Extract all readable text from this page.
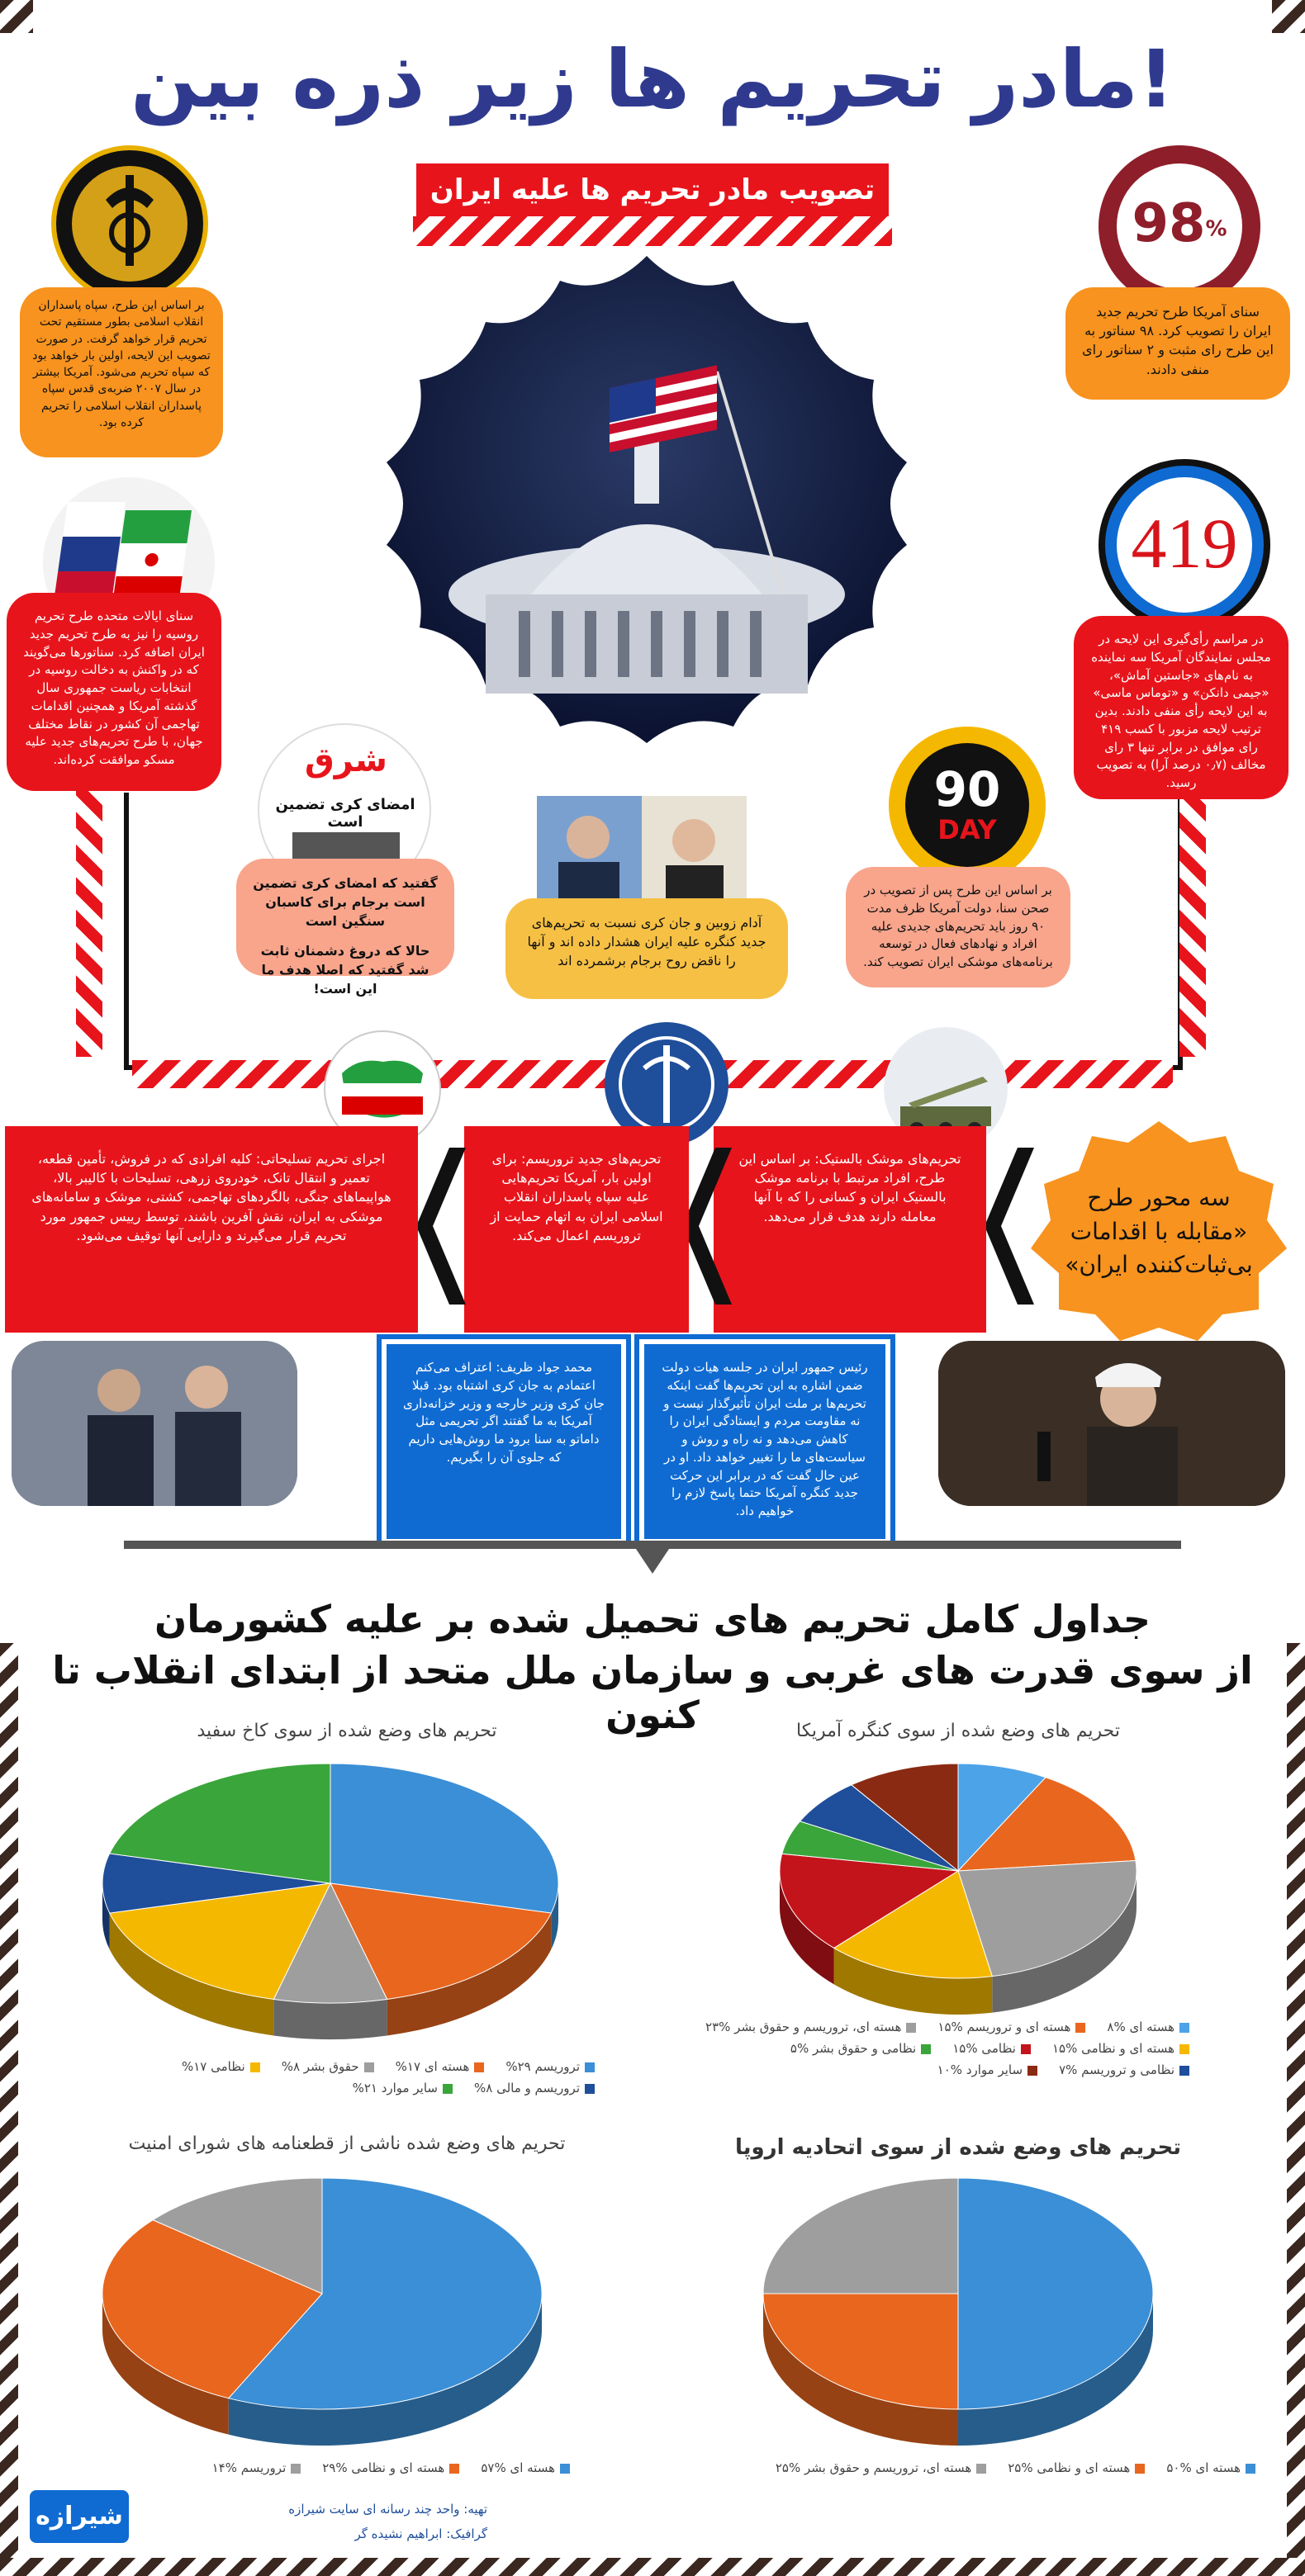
مادر تحریم ها زیر ذره بین!
تصویب مادر تحریم ها علیه ایران
بر اساس این طرح، سپاه پاسداران انقلاب اسلامی بطور مستقیم تحت تحریم قرار خواهد گرفت. در صورت تصویب این لایحه، اولین بار خواهد بود که سپاه تحریم می‌شود. آمریکا بیشتر در سال ۲۰۰۷ ضربه‌ی قدس سپاه پاسداران انقلاب اسلامی را تحریم کرده بود.
98%
سنای آمریکا طرح تحریم جدید ایران را تصویب کرد. ۹۸ سناتور به این طرح رای مثبت و ۲ سناتور رای منفی دادند.
سنای ایالات متحده طرح تحریم روسیه را نیز به طرح تحریم جدید ایران اضافه کرد. سناتورها می‌گویند که در واکنش به دخالت روسیه در انتخابات ریاست جمهوری سال گذشته آمریکا و همچنین اقدامات تهاجمی آن کشور در نقاط مختلف جهان، با طرح تحریم‌های جدید علیه مسکو موافقت کرده‌اند.
419
در مراسم رأی‌گیری این لایحه در مجلس نمایندگان آمریکا سه نماینده به نام‌های «جاستین آماش»، «جیمی دانکن» و «توماس ماسی» به این لایحه رأی منفی دادند. بدین ترتیب لایحه مزبور با کسب ۴۱۹ رای موافق در برابر تنها ۳ رای مخالف (۰٫۷ درصد آرا) به تصویب رسید.
90
DAY
بر اساس این طرح پس از تصویب در صحن سنا، دولت آمریکا ظرف مدت ۹۰ روز باید تحریم‌های جدیدی علیه افراد و نهادهای فعال در توسعه برنامه‌های موشکی ایران تصویب کند.
شرق
امضای کری تضمین است
گفتید که امضای کری تضمین است برجام برای کاسبان سنگین است
حالا که دروغ دشمنان ثابت شد گفتید که اصلا هدف ما این است!
آدام زوبین و جان کری نسبت به تحریم‌های جدید کنگره علیه ایران هشدار داده اند و آنها را ناقض روح برجام برشمرده اند
سه محور طرح «مقابله با اقدامات بی‌ثبات‌کننده ایران»
تحریم‌های موشک بالستیک: بر اساس این طرح، افراد مرتبط با برنامه موشک بالستیک ایران و کسانی را که با آنها معامله دارند هدف قرار می‌دهد.
تحریم‌های جدید تروریسم: برای اولین بار، آمریکا تحریم‌هایی علیه سپاه پاسداران انقلاب اسلامی ایران به اتهام حمایت از تروریسم اعمال می‌کند.
اجرای تحریم تسلیحاتی: کلیه افرادی که در فروش، تأمین قطعه، تعمیر و انتقال تانک، خودروی زرهی، تسلیحات با کالیبر بالا، هواپیماهای جنگی، بالگردهای تهاجمی، کشتی، موشک و سامانه‌های موشکی به ایران، نقش آفرین باشند، توسط رییس جمهور مورد تحریم قرار می‌گیرند و دارایی آنها توقیف می‌شود.
محمد جواد ظریف: اعتراف می‌کنم اعتمادم به جان کری اشتباه بود. قبلا جان کری وزیر خارجه و وزیر خزانه‌داری آمریکا به ما گفتند اگر تحریمی مثل داماتو به سنا برود ما روش‌هایی داریم که جلوی آن را بگیریم.
رئیس جمهور ایران در جلسه هیات دولت ضمن اشاره به این تحریم‌ها گفت اینکه تحریم‌ها بر ملت ایران تأثیرگذار نیست و نه مقاومت مردم و ایستادگی ایران را کاهش می‌دهد و نه راه و روش و سیاست‌های ما را تغییر خواهد داد. او در عین حال گفت که در برابر این حرکت جدید کنگره آمریکا حتما پاسخ لازم را خواهیم داد.
جداول کامل تحریم های تحمیل شده بر علیه کشورمان
از سوی قدرت های غربی و سازمان ملل متحد از ابتدای انقلاب تا کنون
تحریم های وضع شده از سوی کاخ سفید
تروریسم ۲۹%
هسته ای ۱۷%
حقوق بشر ۸%
نظامی ۱۷%
تروریسم و مالی ۸%
سایر موارد ۲۱%
تحریم های وضع شده از سوی کنگره آمریکا
هسته ای %۸
هسته ای و تروریسم %۱۵
هسته ای، تروریسم و حقوق بشر %۲۳
هسته ای و نظامی %۱۵
نظامی %۱۵
نظامی و حقوق بشر %۵
نظامی و تروریسم %۷
سایر موارد %۱۰
تحریم های وضع شده ناشی از قطعنامه های شورای امنیت
هسته ای %۵۷
هسته ای و نظامی %۲۹
تروریسم %۱۴
تحریم های وضع شده از سوی اتحادیه اروپا
هسته ای %۵۰
هسته ای و نظامی %۲۵
هسته ای، تروریسم و حقوق بشر %۲۵
شیرازه	تهیه: واحد چند رسانه ای سایت شیرازه
گرافیک: ابراهیم نشیده گر
